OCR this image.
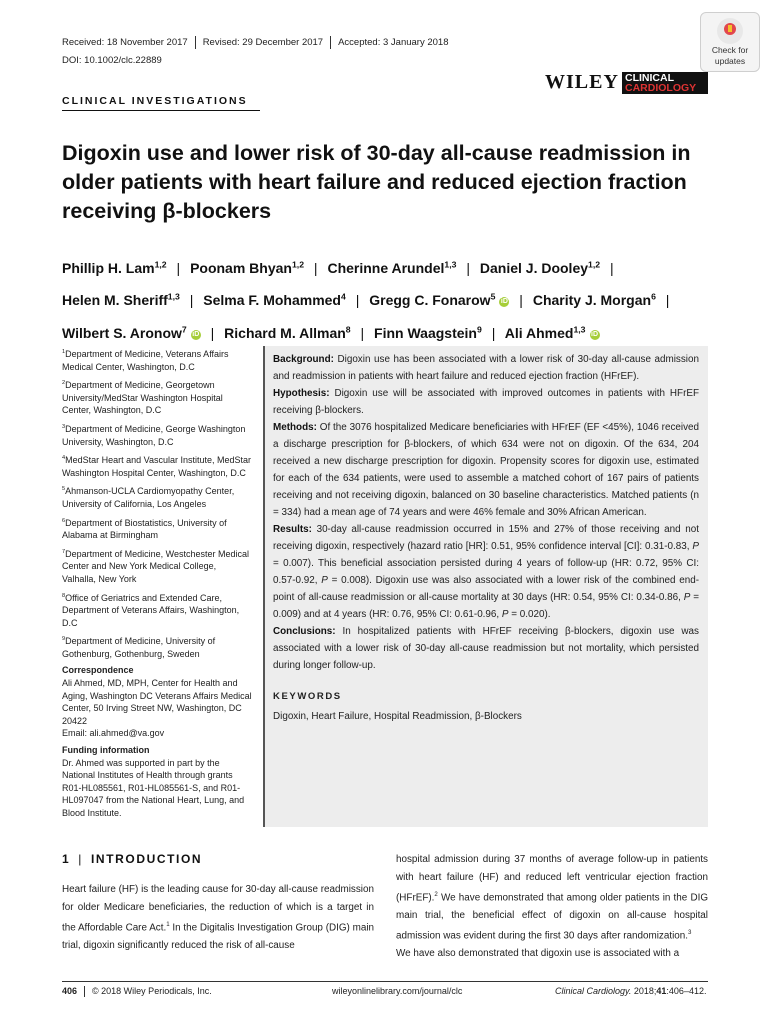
Received: 18 November 2017 Revised: 29 December 2017 Accepted: 3 January 2018
DOI: 10.1002/clc.22889
Check for
updates
WILEY CLINICAL
CARDIOLOGY
CLINICAL INVESTIGATIONS
Digoxin use and lower risk of 30-day all-cause readmission in older patients with heart failure and reduced ejection fraction receiving β-blockers
Phillip H. Lam$^{1,2}$ | Poonam Bhyan$^{1,2}$ | Cherinne Arundel$^{1,3}$ | Daniel J. Dooley$^{1,2}$ | Helen M. Sheriff$^{1,3}$ | Selma F. Mohammed$^4$ | Gregg C. Fonarow$^5$iD | Charity J. Morgan$^6$ | Wilbert S. Aronow$^7$iD | Richard M. Allman$^8$ | Finn Waagstein$^9$ | Ali Ahmed$^{1,3}$iD

$^1$Department of Medicine, Veterans Affairs Medical Center, Washington, D.C

$^2$Department of Medicine, Georgetown University/MedStar Washington Hospital Center, Washington, D.C

$^3$Department of Medicine, George Washington University, Washington, D.C

$^4$MedStar Heart and Vascular Institute, MedStar Washington Hospital Center, Washington, D.C

$^5$Ahmanson-UCLA Cardiomyopathy Center, University of California, Los Angeles

$^6$Department of Biostatistics, University of Alabama at Birmingham

$^7$Department of Medicine, Westchester Medical Center and New York Medical College, Valhalla, New York

$^8$Office of Geriatrics and Extended Care, Department of Veterans Affairs, Washington, D.C

$^9$Department of Medicine, University of Gothenburg, Gothenburg, Sweden

Correspondence

Ali Ahmed, MD, MPH, Center for Health and Aging, Washington DC Veterans Affairs Medical Center, 50 Irving Street NW, Washington, DC 20422

Email: ali.ahmed@va.gov

Funding information

Dr. Ahmed was supported in part by the National Institutes of Health through grants R01-HL085561, R01-HL085561-S, and R01-HL097047 from the National Heart, Lung, and Blood Institute.

Background: Digoxin use has been associated with a lower risk of 30-day all-cause admission and readmission in patients with heart failure and reduced ejection fraction (HFrEF).

Hypothesis: Digoxin use will be associated with improved outcomes in patients with HFrEF receiving β-blockers.

Methods: Of the 3076 hospitalized Medicare beneficiaries with HFrEF (EF <45%), 1046 received a discharge prescription for β-blockers, of which 634 were not on digoxin. Of the 634, 204 received a new discharge prescription for digoxin. Propensity scores for digoxin use, estimated for each of the 634 patients, were used to assemble a matched cohort of 167 pairs of patients receiving and not receiving digoxin, balanced on 30 baseline characteristics. Matched patients (n = 334) had a mean age of 74 years and were 46% female and 30% African American.

Results: 30-day all-cause readmission occurred in 15% and 27% of those receiving and not receiving digoxin, respectively (hazard ratio [HR]: 0.51, 95% confidence interval [CI]: 0.31-0.83, P = 0.007). This beneficial association persisted during 4 years of follow-up (HR: 0.72, 95% CI: 0.57-0.92, P = 0.008). Digoxin use was also associated with a lower risk of the combined end-point of all-cause readmission or all-cause mortality at 30 days (HR: 0.54, 95% CI: 0.34-0.86, P = 0.009) and at 4 years (HR: 0.76, 95% CI: 0.61-0.96, P = 0.020).

Conclusions: In hospitalized patients with HFrEF receiving β-blockers, digoxin use was associated with a lower risk of 30-day all-cause readmission but not mortality, which persisted during longer follow-up.

KEYWORDS

Digoxin, Heart Failure, Hospital Readmission, β-Blockers

1 | INTRODUCTION
Heart failure (HF) is the leading cause for 30-day all-cause readmission for older Medicare beneficiaries, the reduction of which is a target in the Affordable Care Act.$^1$ In the Digitalis Investigation Group (DIG) main trial, digoxin significantly reduced the risk of all-cause
hospital admission during 37 months of average follow-up in patients with heart failure (HF) and reduced left ventricular ejection fraction (HFrEF).$^2$ We have demonstrated that among older patients in the DIG main trial, the beneficial effect of digoxin on all-cause hospital admission was evident during the first 30 days after randomization.$^3$
We have also demonstrated that digoxin use is associated with a
406 © 2018 Wiley Periodicals, Inc.	wileyonlinelibrary.com/journal/clc	Clinical Cardiology. 2018;41:406–412.
